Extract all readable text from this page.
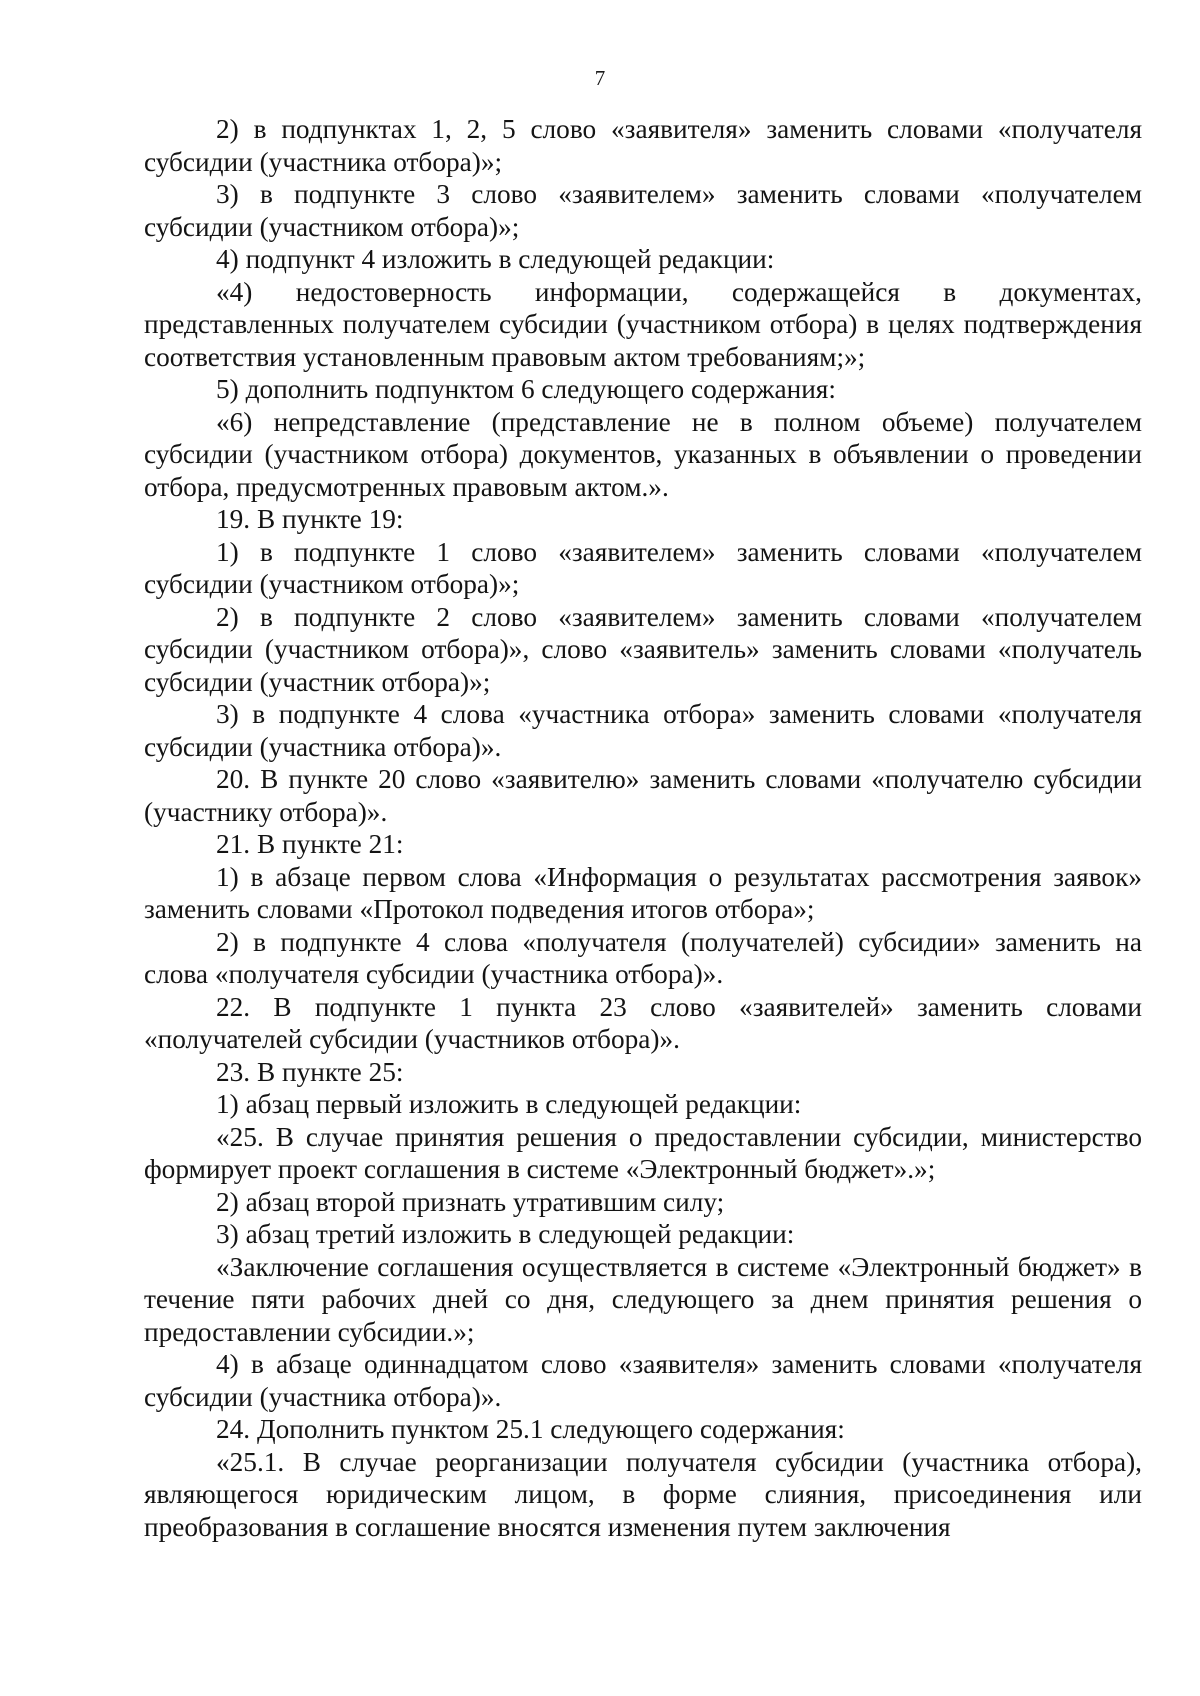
7

2) в подпунктах 1, 2, 5 слово «заявителя» заменить словами «получателя субсидии (участника отбора)»;

3) в подпункте 3 слово «заявителем» заменить словами «получателем субсидии (участником отбора)»;

4) подпункт 4 изложить в следующей редакции:

«4) недостоверность информации, содержащейся в документах, представленных получателем субсидии (участником отбора) в целях подтверждения соответствия установленным правовым актом требованиям;»;

5) дополнить подпунктом 6 следующего содержания:

«6) непредставление (представление не в полном объеме) получателем субсидии (участником отбора) документов, указанных в объявлении о проведении отбора, предусмотренных правовым актом.».

19. В пункте 19:

1) в подпункте 1 слово «заявителем» заменить словами «получателем субсидии (участником отбора)»;

2) в подпункте 2 слово «заявителем» заменить словами «получателем субсидии (участником отбора)», слово «заявитель» заменить словами «получатель субсидии (участник отбора)»;

3) в подпункте 4 слова «участника отбора» заменить словами «получателя субсидии (участника отбора)».

20. В пункте 20 слово «заявителю» заменить словами «получателю субсидии (участнику отбора)».

21. В пункте 21:

1) в абзаце первом слова «Информация о результатах рассмотрения заявок» заменить словами «Протокол подведения итогов отбора»;

2) в подпункте 4 слова «получателя (получателей) субсидии» заменить на слова «получателя субсидии (участника отбора)».

22. В подпункте 1 пункта 23 слово «заявителей» заменить словами «получателей субсидии (участников отбора)».

23. В пункте 25:

1) абзац первый изложить в следующей редакции:

«25. В случае принятия решения о предоставлении субсидии, министерство формирует проект соглашения в системе «Электронный бюджет».»;

2) абзац второй признать утратившим силу;

3) абзац третий изложить в следующей редакции:

«Заключение соглашения осуществляется в системе «Электронный бюджет» в течение пяти рабочих дней со дня, следующего за днем принятия решения о предоставлении субсидии.»;

4) в абзаце одиннадцатом слово «заявителя» заменить словами «получателя субсидии (участника отбора)».

24. Дополнить пунктом 25.1 следующего содержания:

«25.1. В случае реорганизации получателя субсидии (участника отбора), являющегося юридическим лицом, в форме слияния, присоединения или преобразования в соглашение вносятся изменения путем заключения
